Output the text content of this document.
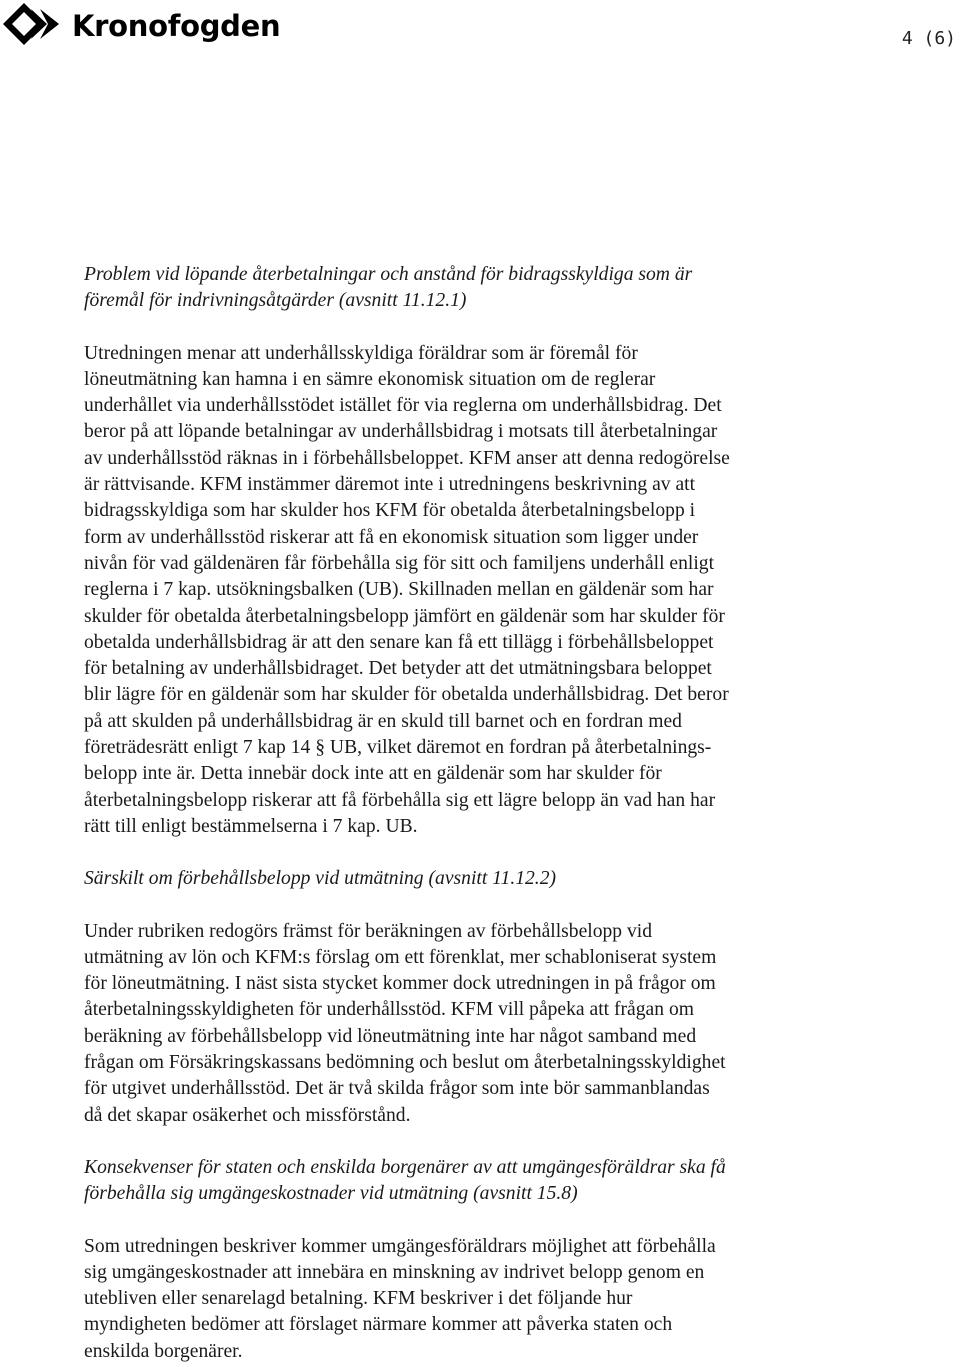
Kronofogden	4 (6)
Problem vid löpande återbetalningar och anstånd för bidragsskyldiga som är
föremål för indrivningsåtgärder (avsnitt 11.12.1)

Utredningen menar att underhållsskyldiga föräldrar som är föremål för
löneutmätning kan hamna i en sämre ekonomisk situation om de reglerar
underhållet via underhållsstödet istället för via reglerna om underhållsbidrag. Det
beror på att löpande betalningar av underhållsbidrag i motsats till återbetalningar
av underhållsstöd räknas in i förbehållsbeloppet. KFM anser att denna redogörelse
är rättvisande. KFM instämmer däremot inte i utredningens beskrivning av att
bidragsskyldiga som har skulder hos KFM för obetalda återbetalningsbelopp i
form av underhållsstöd riskerar att få en ekonomisk situation som ligger under
nivån för vad gäldenären får förbehålla sig för sitt och familjens underhåll enligt
reglerna i 7 kap. utsökningsbalken (UB). Skillnaden mellan en gäldenär som har
skulder för obetalda återbetalningsbelopp jämfört en gäldenär som har skulder för
obetalda underhållsbidrag är att den senare kan få ett tillägg i förbehållsbeloppet
för betalning av underhållsbidraget. Det betyder att det utmätningsbara beloppet
blir lägre för en gäldenär som har skulder för obetalda underhållsbidrag. Det beror
på att skulden på underhållsbidrag är en skuld till barnet och en fordran med
företrädesrätt enligt 7 kap 14 § UB, vilket däremot en fordran på återbetalnings-
belopp inte är. Detta innebär dock inte att en gäldenär som har skulder för
återbetalningsbelopp riskerar att få förbehålla sig ett lägre belopp än vad han har
rätt till enligt bestämmelserna i 7 kap. UB.

Särskilt om förbehållsbelopp vid utmätning (avsnitt 11.12.2)

Under rubriken redogörs främst för beräkningen av förbehållsbelopp vid
utmätning av lön och KFM:s förslag om ett förenklat, mer schabloniserat system
för löneutmätning. I näst sista stycket kommer dock utredningen in på frågor om
återbetalningsskyldigheten för underhållsstöd. KFM vill påpeka att frågan om
beräkning av förbehållsbelopp vid löneutmätning inte har något samband med
frågan om Försäkringskassans bedömning och beslut om återbetalningsskyldighet
för utgivet underhållsstöd. Det är två skilda frågor som inte bör sammanblandas
då det skapar osäkerhet och missförstånd.

Konsekvenser för staten och enskilda borgenärer av att umgängesföräldrar ska få
förbehålla sig umgängeskostnader vid utmätning (avsnitt 15.8)

Som utredningen beskriver kommer umgängesföräldrars möjlighet att förbehålla
sig umgängeskostnader att innebära en minskning av indrivet belopp genom en
utebliven eller senarelagd betalning. KFM beskriver i det följande hur
myndigheten bedömer att förslaget närmare kommer att påverka staten och
enskilda borgenärer.
